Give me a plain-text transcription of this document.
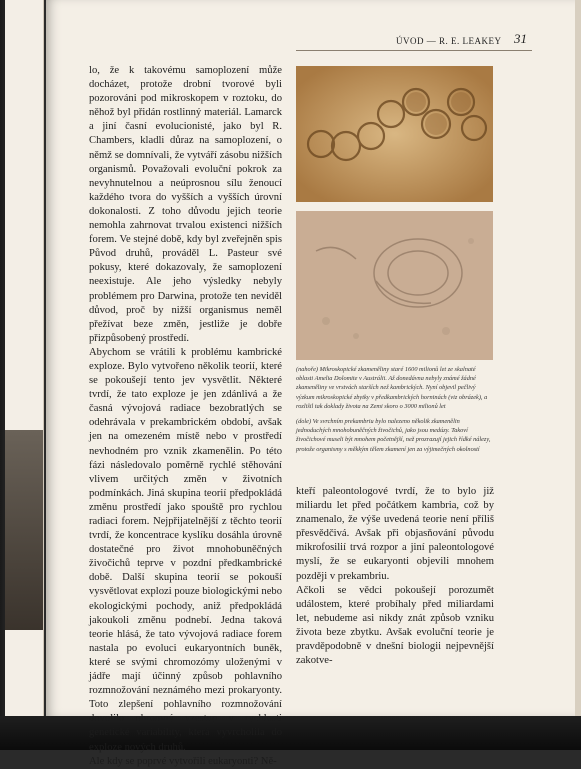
ÚVOD — R. E. LEAKEY 31

lo, že k takovému samoplození může docházet, protože drobní tvorové byli pozorováni pod mikroskopem v roztoku, do něhož byl přidán rostlinný materiál. Lamarck a jiní časní evolucionisté, jako byl R. Chambers, kladli důraz na samoplození, o němž se domnívali, že vytváří zásobu nižších organismů. Považovali evoluční pokrok za nevyhnutelnou a neúprosnou sílu ženoucí každého tvora do vyšších a vyšších úrovní dokonalosti. Z toho důvodu jejich teorie nemohla zahrnovat trvalou existenci nižších forem. Ve stejné době, kdy byl zveřejněn spis Původ druhů, prováděl L. Pasteur své pokusy, které dokazovaly, že samoplození neexistuje. Ale jeho výsledky nebyly problémem pro Darwina, protože ten neviděl důvod, proč by nižší organismus neměl přežívat beze změn, jestliže je dobře přizpůsobený prostředí.

Abychom se vrátili k problému kambrické exploze. Bylo vytvořeno několik teorií, které se pokoušejí tento jev vysvětlit. Některé tvrdí, že tato exploze je jen zdánlivá a že časná vývojová radiace bezobratlých se odehrávala v prekambrickém období, avšak jen na omezeném místě nebo v prostředí nevhodném pro vznik zkamenělin. Po této fázi následovalo poměrně rychlé stěhování vlivem určitých změn v životních podmínkách. Jiná skupina teorií předpokládá změnu prostředí jako spouště pro rychlou radiaci forem. Nejpřijatelnější z těchto teorií tvrdí, že koncentrace kyslíku dosáhla úrovně dostatečné pro život mnohobuněčných živočichů teprve v pozdní předkambrické době. Další skupina teorií se pokouší vysvětlovat explozi pouze biologickými nebo ekologickými pochody, aniž předpokládá jakoukoli změnu podnebí. Jedna taková teorie hlásá, že tato vývojová radiace forem nastala po evoluci eukaryontních buněk, které se svými chromozómy uloženými v jádře mají účinný způsob pohlavního rozmnožování neznámého mezi prokaryonty. Toto zlepšení pohlavního rozmnožování dovolilo ohromný vzestup v rychlosti genetické variability, která vyvrcholila do exploze nových druhů.

Ale kdy se poprvé vytvořili eukaryonti? Ně-

(nahoře) Mikroskopické zkameněliny staré 1600 milionů let ze skalnaté oblasti Amelia Dolomite v Austrálii. Až donedávna nebyly známé žádné zkameněliny ve vrstvách starších než kambrických. Nyní objevil pečlivý výzkum mikroskopické zbytky v předkambrických horninách (viz obrázek), a rozlišil tak doklady života na Zemi skoro o 3000 milionů let

(dole) Ve svrchním prekambriu bylo nalezeno několik zkamenělin jednoduchých mnohobuněčných živočichů, jako jsou medúzy. Takoví živočichové museli být mnohem početnější, než prozrazují jejich řídké nálezy, protože organismy s měkkým tělem zkamení jen za výjimečných okolností

kteří paleontologové tvrdí, že to bylo již miliardu let před počátkem kambria, což by znamenalo, že výše uvedená teorie není příliš přesvědčivá. Avšak při objasňování původu mikrofosilií trvá rozpor a jiní paleontologové myslí, že se eukaryonti objevili mnohem později v prekambriu.

Ačkoli se vědci pokoušejí porozumět událostem, které probíhaly před miliardami let, nebudeme asi nikdy znát způsob vzniku života beze zbytku. Avšak evoluční teorie je pravděpodobně v dnešní biologii nejpevnější zakotve-
